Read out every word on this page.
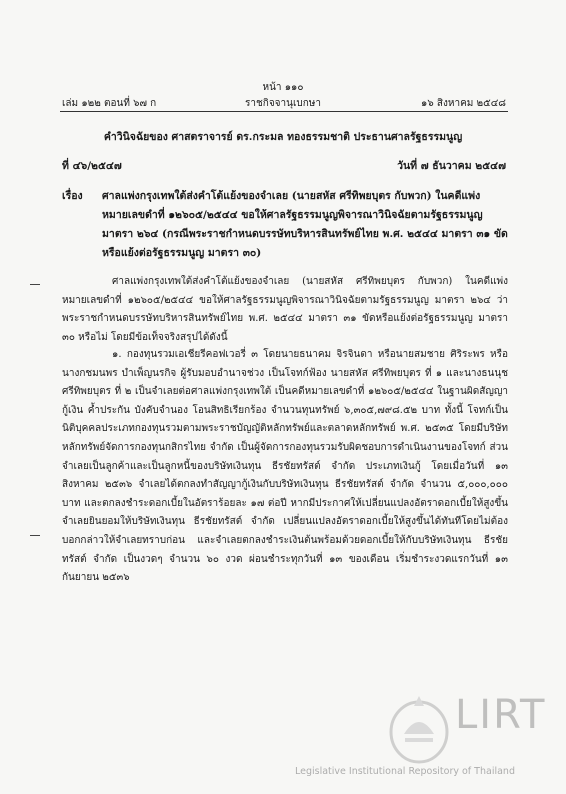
หน้า ๑๑๐
เล่ม ๑๒๒ ตอนที่ ๖๗ ก	ราชกิจจานุเบกษา	๑๖ สิงหาคม ๒๕๔๘
คำวินิจฉัยของ ศาสตราจารย์ ดร.กระมล ทองธรรมชาติ ประธานศาลรัฐธรรมนูญ
ที่ ๔๖/๒๕๔๗	วันที่ ๗ ธันวาคม ๒๕๔๗
เรื่อง ศาลแพ่งกรุงเทพใต้ส่งคำโต้แย้งของจำเลย (นายสหัส ศรีทิพยบุตร กับพวก) ในคดีแพ่งหมายเลขดำที่ ๑๒๖๐๕/๒๕๔๔ ขอให้ศาลรัฐธรรมนูญพิจารณาวินิจฉัยตามรัฐธรรมนูญ มาตรา ๒๖๔ (กรณีพระราชกำหนดบรรษัทบริหารสินทรัพย์ไทย พ.ศ. ๒๕๔๔ มาตรา ๓๑ ขัดหรือแย้งต่อรัฐธรรมนูญ มาตรา ๓๐)
ศาลแพ่งกรุงเทพใต้ส่งคำโต้แย้งของจำเลย (นายสหัส ศรีทิพยบุตร กับพวก) ในคดีแพ่งหมายเลขดำที่ ๑๒๖๐๕/๒๕๔๔ ขอให้ศาลรัฐธรรมนูญพิจารณาวินิจฉัยตามรัฐธรรมนูญ มาตรา ๒๖๔ ว่าพระราชกำหนดบรรษัทบริหารสินทรัพย์ไทย พ.ศ. ๒๕๔๔ มาตรา ๓๑ ขัดหรือแย้งต่อรัฐธรรมนูญ มาตรา ๓๐ หรือไม่ โดยมีข้อเท็จจริงสรุปได้ดังนี้
๑. กองทุนรวมเอเชียรีคอฟเวอรี่ ๓ โดยนายธนาคม จิรจินดา หรือนายสมชาย ศิริระพร หรือนางกชมนพร บำเพ็ญนรกิจ ผู้รับมอบอำนาจช่วง เป็นโจทก์ฟ้อง นายสหัส ศรีทิพยบุตร ที่ ๑ และนางธนนุช ศรีทิพยบุตร ที่ ๒ เป็นจำเลยต่อศาลแพ่งกรุงเทพใต้ เป็นคดีหมายเลขดำที่ ๑๒๖๐๕/๒๕๔๔ ในฐานผิดสัญญากู้เงิน ค้ำประกัน บังคับจำนอง โอนสิทธิเรียกร้อง จำนวนทุนทรัพย์ ๖,๓๐๕,๗๙๘.๕๒ บาท ทั้งนี้ โจทก์เป็นนิติบุคคลประเภทกองทุนรวมตามพระราชบัญญัติหลักทรัพย์และตลาดหลักทรัพย์ พ.ศ. ๒๕๓๕ โดยมีบริษัทหลักทรัพย์จัดการกองทุนกสิกรไทย จำกัด เป็นผู้จัดการกองทุนรวมรับผิดชอบการดำเนินงานของโจทก์ ส่วนจำเลยเป็นลูกค้าและเป็นลูกหนี้ของบริษัทเงินทุน ธีรชัยทรัสต์ จำกัด ประเภทเงินกู้ โดยเมื่อวันที่ ๑๓ สิงหาคม ๒๕๓๖ จำเลยได้ตกลงทำสัญญากู้เงินกับบริษัทเงินทุน ธีรชัยทรัสต์ จำกัด จำนวน ๕,๐๐๐,๐๐๐ บาท และตกลงชำระดอกเบี้ยในอัตราร้อยละ ๑๗ ต่อปี หากมีประกาศให้เปลี่ยนแปลงอัตราดอกเบี้ยให้สูงขึ้นจำเลยยินยอมให้บริษัทเงินทุน ธีรชัยทรัสต์ จำกัด เปลี่ยนแปลงอัตราดอกเบี้ยให้สูงขึ้นได้ทันทีโดยไม่ต้องบอกกล่าวให้จำเลยทราบก่อน และจำเลยตกลงชำระเงินต้นพร้อมด้วยดอกเบี้ยให้กับบริษัทเงินทุน ธีรชัยทรัสต์ จำกัด เป็นงวดๆ จำนวน ๖๐ งวด ผ่อนชำระทุกวันที่ ๑๓ ของเดือน เริ่มชำระงวดแรกวันที่ ๑๓ กันยายน ๒๕๓๖
LIRT
Legislative Institutional Repository of Thailand
